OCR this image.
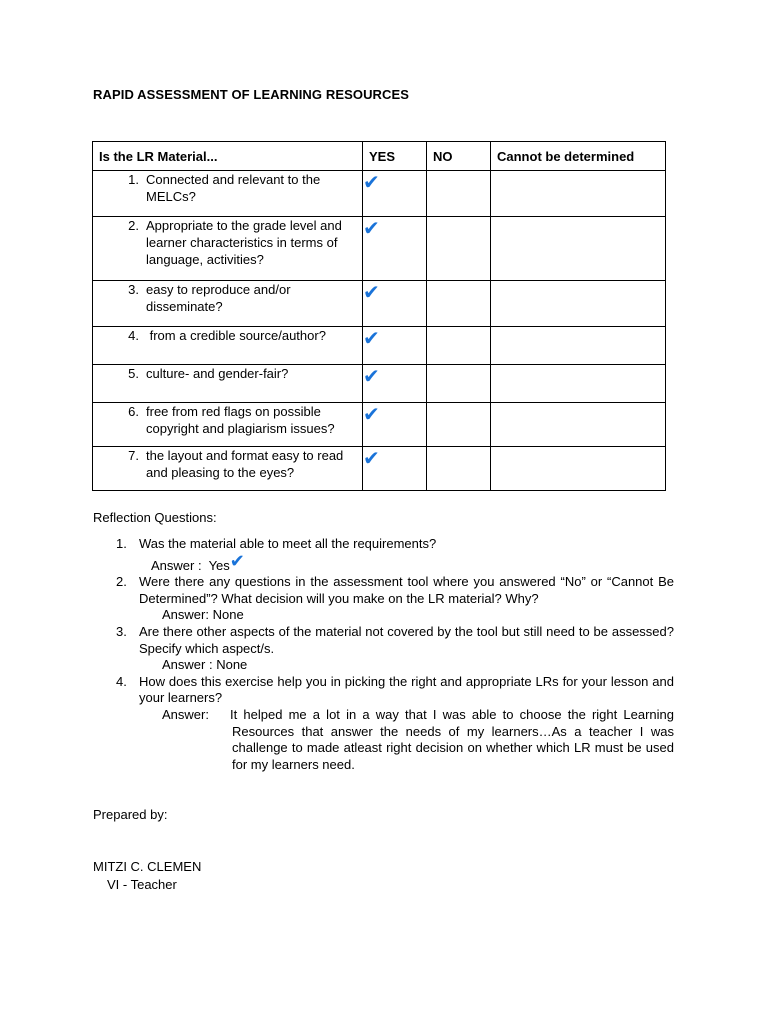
RAPID ASSESSMENT OF LEARNING RESOURCES
Is the LR Material...	YES	NO	Cannot be determined

1. Connected and relevant to the MELCs?	✔		

2. Appropriate to the grade level and learner characteristics in terms of language, activities?	✔		

3. easy to reproduce and/or disseminate?	✔		

4. from a credible source/author?	✔		

5. culture- and gender-fair?	✔		

6. free from red flags on possible copyright and plagiarism issues?	✔		

7. the layout and format easy to read and pleasing to the eyes?	✔		
Reflection Questions:
1. Was the material able to meet all the requirements?
Answer : Yes✔
2. Were there any questions in the assessment tool where you answered “No” or “Cannot Be Determined”? What decision will you make on the LR material? Why?
Answer: None
3. Are there other aspects of the material not covered by the tool but still need to be assessed? Specify which aspect/s.
Answer : None
4. How does this exercise help you in picking the right and appropriate LRs for your lesson and your learners?
Answer:	It helped me a lot in a way that I was able to choose the right Learning Resources that answer the needs of my learners…As a teacher I was challenge to made atleast right decision on whether which LR must be used for my learners need.
Prepared by:
MITZI C. CLEMEN
VI - Teacher
